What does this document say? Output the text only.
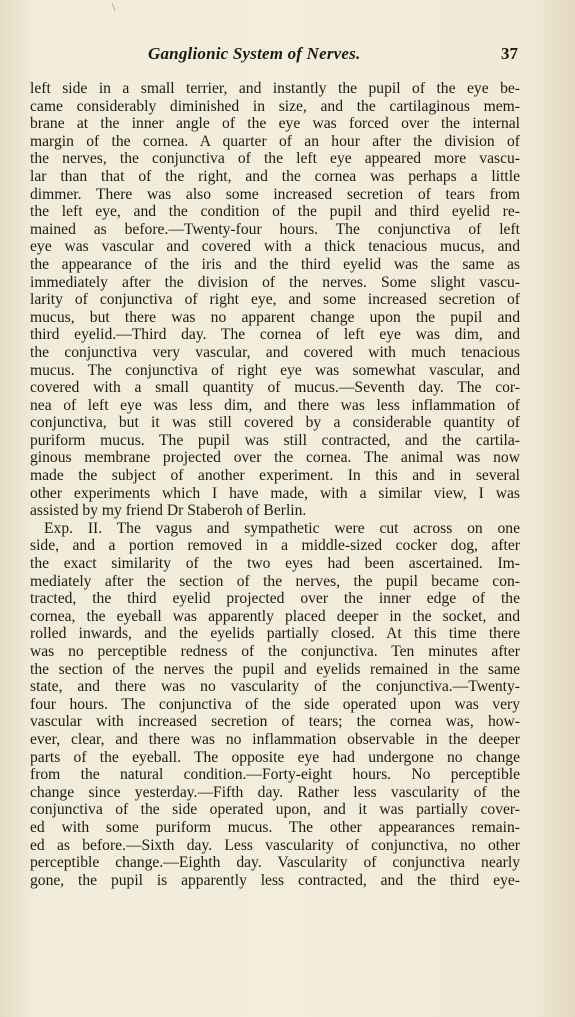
\
Ganglionic System of Nerves.	37
left side in a small terrier, and instantly the pupil of the eye be-
came considerably diminished in size, and the cartilaginous mem-
brane at the inner angle of the eye was forced over the internal
margin of the cornea. A quarter of an hour after the division of
the nerves, the conjunctiva of the left eye appeared more vascu-
lar than that of the right, and the cornea was perhaps a little
dimmer. There was also some increased secretion of tears from
the left eye, and the condition of the pupil and third eyelid re-
mained as before.—Twenty-four hours. The conjunctiva of left
eye was vascular and covered with a thick tenacious mucus, and
the appearance of the iris and the third eyelid was the same as
immediately after the division of the nerves. Some slight vascu-
larity of conjunctiva of right eye, and some increased secretion of
mucus, but there was no apparent change upon the pupil and
third eyelid.—Third day. The cornea of left eye was dim, and
the conjunctiva very vascular, and covered with much tenacious
mucus. The conjunctiva of right eye was somewhat vascular, and
covered with a small quantity of mucus.—Seventh day. The cor-
nea of left eye was less dim, and there was less inflammation of
conjunctiva, but it was still covered by a considerable quantity of
puriform mucus. The pupil was still contracted, and the cartila-
ginous membrane projected over the cornea. The animal was now
made the subject of another experiment. In this and in several
other experiments which I have made, with a similar view, I was
assisted by my friend Dr Staberoh of Berlin.
Exp. II. The vagus and sympathetic were cut across on one
side, and a portion removed in a middle-sized cocker dog, after
the exact similarity of the two eyes had been ascertained. Im-
mediately after the section of the nerves, the pupil became con-
tracted, the third eyelid projected over the inner edge of the
cornea, the eyeball was apparently placed deeper in the socket, and
rolled inwards, and the eyelids partially closed. At this time there
was no perceptible redness of the conjunctiva. Ten minutes after
the section of the nerves the pupil and eyelids remained in the same
state, and there was no vascularity of the conjunctiva.—Twenty-
four hours. The conjunctiva of the side operated upon was very
vascular with increased secretion of tears; the cornea was, how-
ever, clear, and there was no inflammation observable in the deeper
parts of the eyeball. The opposite eye had undergone no change
from the natural condition.—Forty-eight hours. No perceptible
change since yesterday.—Fifth day. Rather less vascularity of the
conjunctiva of the side operated upon, and it was partially cover-
ed with some puriform mucus. The other appearances remain-
ed as before.—Sixth day. Less vascularity of conjunctiva, no other
perceptible change.—Eighth day. Vascularity of conjunctiva nearly
gone, the pupil is apparently less contracted, and the third eye-
